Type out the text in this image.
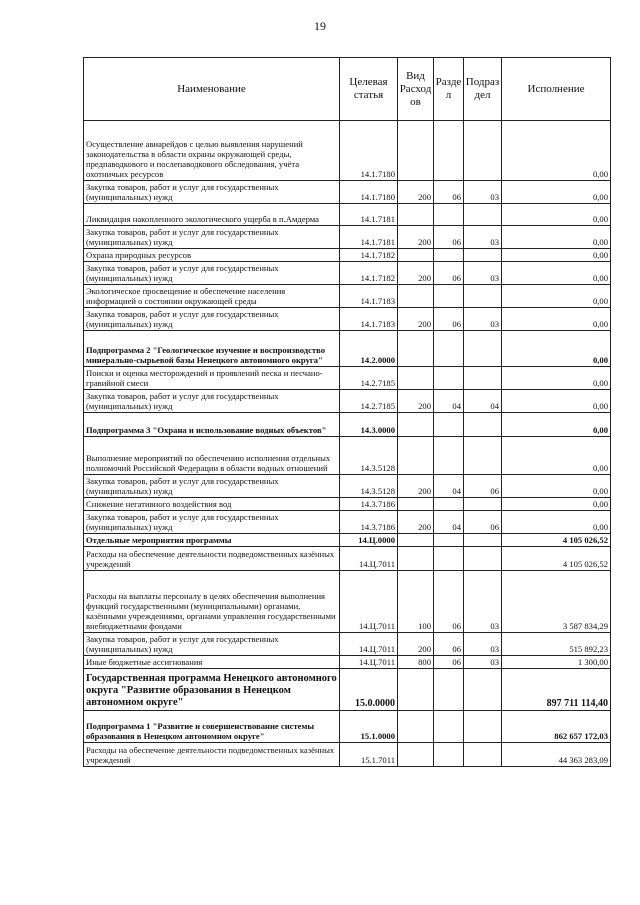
19
Наименование	Целевая статья	Вид Расход ов	Разде л	Подраз дел	Исполнение
Осуществление авиарейдов с целью выявления нарушений законодательства в области охраны окружающей среды, предпаводкового и послепаводкового обследования, учёта охотничьих ресурсов	14.1.7180				0,00
Закупка товаров, работ и услуг для государственных (муниципальных) нужд	14.1.7180	200	06	03	0,00
Ликвидация накопленного экологического ущерба в п.Амдерма	14.1.7181				0,00
Закупка товаров, работ и услуг для государственных (муниципальных) нужд	14.1.7181	200	06	03	0,00
Охрана природных ресурсов	14.1.7182				0,00
Закупка товаров, работ и услуг для государственных (муниципальных) нужд	14.1.7182	200	06	03	0,00
Экологическое просвещение и обеспечение населения информацией о состоянии окружающей среды	14.1.7183				0,00
Закупка товаров, работ и услуг для государственных (муниципальных) нужд	14.1.7183	200	06	03	0,00
Подпрограмма 2 "Геологическое изучение и воспроизводство минерально-сырьевой базы Ненецкого автономного округа"	14.2.0000				0,00
Поиски и оценка месторождений и проявлений песка и песчано-гравийной смеси	14.2.7185				0,00
Закупка товаров, работ и услуг для государственных (муниципальных) нужд	14.2.7185	200	04	04	0,00
Подпрограмма 3 "Охрана и использование водных объектов"	14.3.0000				0,00
Выполнение мероприятий по обеспечению исполнения отдельных полномочий Российской Федерации в области водных отношений	14.3.5128				0,00
Закупка товаров, работ и услуг для государственных (муниципальных) нужд	14.3.5128	200	04	06	0,00
Снижение негативного воздействия вод	14.3.7186				0,00
Закупка товаров, работ и услуг для государственных (муниципальных) нужд	14.3.7186	200	04	06	0,00
Отдельные мероприятия программы	14.Ц.0000				4 105 026,52
Расходы на обеспечение деятельности подведомственных казённых учреждений	14.Ц.7011				4 105 026,52
Расходы на выплаты персоналу в целях обеспечения выполнения функций государственными (муниципальными) органами, казёнными учреждениями, органами управления государственными внебюджетными фондами	14.Ц.7011	100	06	03	3 587 834,29
Закупка товаров, работ и услуг для государственных (муниципальных) нужд	14.Ц.7011	200	06	03	515 892,23
Иные бюджетные ассигнования	14.Ц.7011	800	06	03	1 300,00
Государственная программа Ненецкого автономного округа "Развитие образования в Ненецком автономном округе"	15.0.0000				897 711 114,40
Подпрограмма 1 "Развитие и совершенствование системы образования в Ненецком автономном округе"	15.1.0000				862 657 172,03
Расходы на обеспечение деятельности подведомственных казённых учреждений	15.1.7011				44 363 283,09
